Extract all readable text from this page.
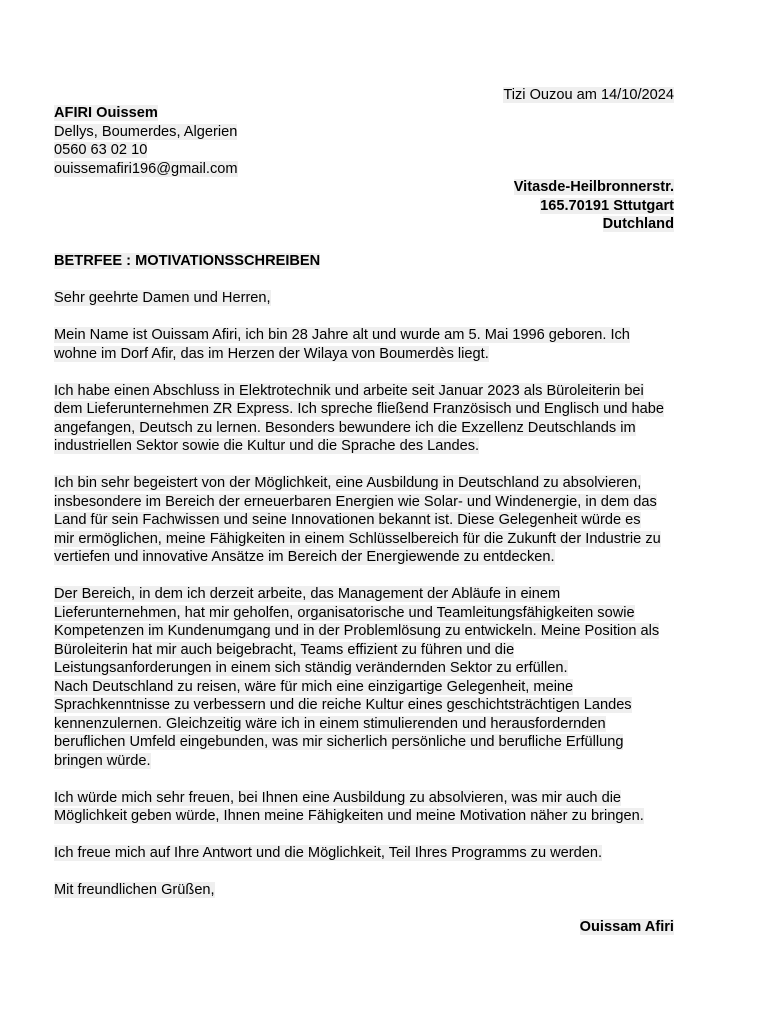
Tizi Ouzou am 14/10/2024
AFIRI Ouissem
Dellys, Boumerdes, Algerien
0560 63 02 10
ouissemafiri196@gmail.com
Vitasde-Heilbronnerstr.
165.70191 Sttutgart
Dutchland
BETRFEE : MOTIVATIONSSCHREIBEN

Sehr geehrte Damen und Herren,

Mein Name ist Ouissam Afiri, ich bin 28 Jahre alt und wurde am 5. Mai 1996 geboren. Ich
wohne im Dorf Afir, das im Herzen der Wilaya von Boumerdès liegt.

Ich habe einen Abschluss in Elektrotechnik und arbeite seit Januar 2023 als Büroleiterin bei
dem Lieferunternehmen ZR Express. Ich spreche fließend Französisch und Englisch und habe
angefangen, Deutsch zu lernen. Besonders bewundere ich die Exzellenz Deutschlands im
industriellen Sektor sowie die Kultur und die Sprache des Landes.

Ich bin sehr begeistert von der Möglichkeit, eine Ausbildung in Deutschland zu absolvieren,
insbesondere im Bereich der erneuerbaren Energien wie Solar- und Windenergie, in dem das
Land für sein Fachwissen und seine Innovationen bekannt ist. Diese Gelegenheit würde es
mir ermöglichen, meine Fähigkeiten in einem Schlüsselbereich für die Zukunft der Industrie zu
vertiefen und innovative Ansätze im Bereich der Energiewende zu entdecken.

Der Bereich, in dem ich derzeit arbeite, das Management der Abläufe in einem
Lieferunternehmen, hat mir geholfen, organisatorische und Teamleitungsfähigkeiten sowie
Kompetenzen im Kundenumgang und in der Problemlösung zu entwickeln. Meine Position als
Büroleiterin hat mir auch beigebracht, Teams effizient zu führen und die
Leistungsanforderungen in einem sich ständig verändernden Sektor zu erfüllen.
Nach Deutschland zu reisen, wäre für mich eine einzigartige Gelegenheit, meine
Sprachkenntnisse zu verbessern und die reiche Kultur eines geschichtsträchtigen Landes
kennenzulernen. Gleichzeitig wäre ich in einem stimulierenden und herausfordernden
beruflichen Umfeld eingebunden, was mir sicherlich persönliche und berufliche Erfüllung
bringen würde.

Ich würde mich sehr freuen, bei Ihnen eine Ausbildung zu absolvieren, was mir auch die
Möglichkeit geben würde, Ihnen meine Fähigkeiten und meine Motivation näher zu bringen.

Ich freue mich auf Ihre Antwort und die Möglichkeit, Teil Ihres Programms zu werden.

Mit freundlichen Grüßen,

Ouissam Afiri
